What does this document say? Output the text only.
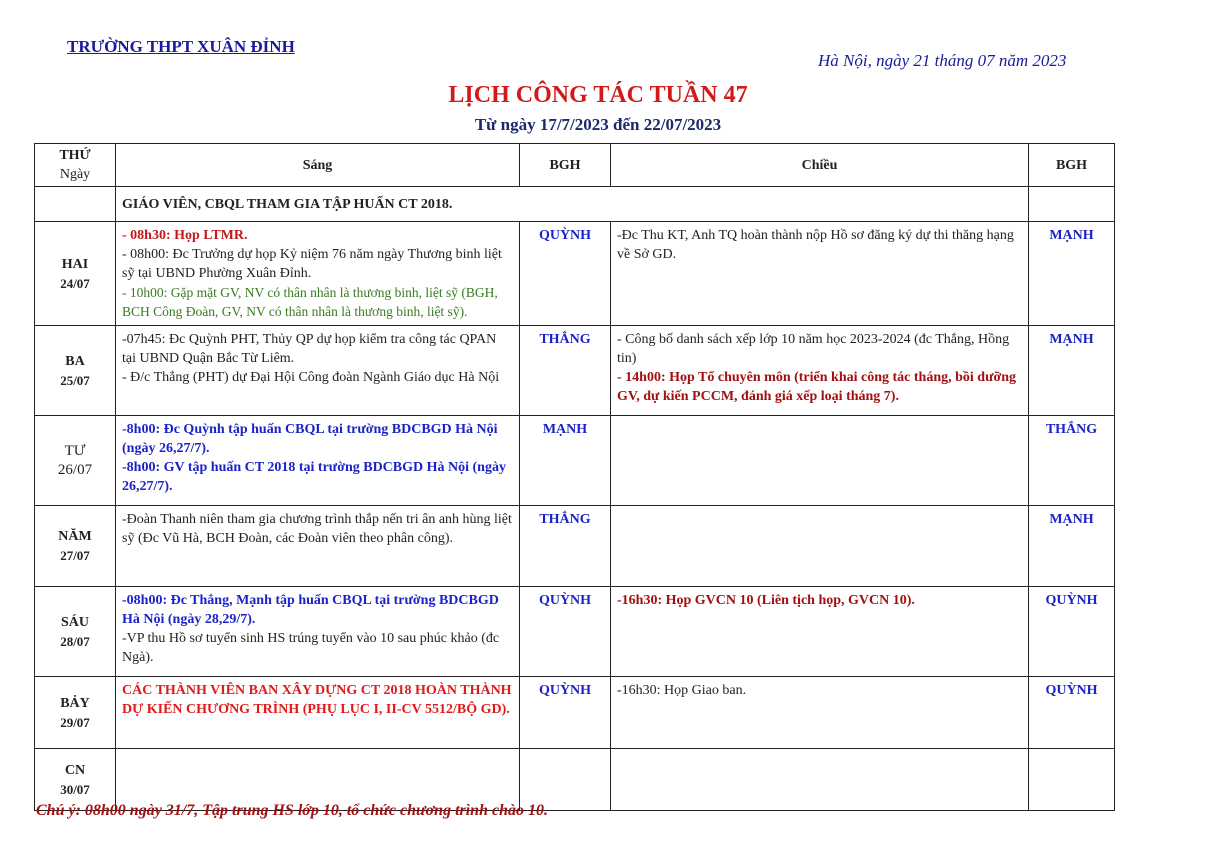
TRƯỜNG THPT XUÂN ĐỈNH
Hà Nội, ngày 21 tháng 07 năm 2023
LỊCH CÔNG TÁC TUẦN 47
Từ ngày 17/7/2023 đến 22/07/2023
THỨ
Ngày	Sáng	BGH	Chiều	BGH
	GIÁO VIÊN, CBQL THAM GIA TẬP HUẤN CT 2018.			

HAI
24/07	- 08h30: Họp LTMR.
- 08h00: Đc Trưởng dự họp Kỷ niệm 76 năm ngày Thương binh liệt sỹ tại UBND Phường Xuân Đỉnh.
- 10h00: Gặp mặt GV, NV có thân nhân là thương binh, liệt sỹ (BGH, BCH Công Đoàn, GV, NV có thân nhân là thương binh, liệt sỹ).	QUỲNH	-Đc Thu KT, Anh TQ hoàn thành nộp Hồ sơ đăng ký dự thi thăng hạng về Sở GD.	MẠNH

BA
25/07	-07h45: Đc Quỳnh PHT, Thủy QP dự họp kiểm tra công tác QPAN tại UBND Quận Bắc Từ Liêm.
- Đ/c Thắng (PHT) dự Đại Hội Công đoàn Ngành Giáo dục Hà Nội	THẮNG	- Công bố danh sách xếp lớp 10 năm học 2023-2024 (đc Thắng, Hồng tin)
- 14h00: Họp Tổ chuyên môn (triển khai công tác tháng, bồi dưỡng GV, dự kiến PCCM, đánh giá xếp loại tháng 7).	MẠNH

TƯ
26/07	-8h00: Đc Quỳnh tập huấn CBQL tại trường BDCBGD Hà Nội (ngày 26,27/7).
-8h00: GV tập huấn CT 2018 tại trường BDCBGD Hà Nội (ngày 26,27/7).	MẠNH		THẮNG

NĂM
27/07	-Đoàn Thanh niên tham gia chương trình thắp nến tri ân anh hùng liệt sỹ (Đc Vũ Hà, BCH Đoàn, các Đoàn viên theo phân công).	THẮNG		MẠNH

SÁU
28/07	-08h00: Đc Thắng, Mạnh tập huấn CBQL tại trường BDCBGD Hà Nội (ngày 28,29/7).
-VP thu Hồ sơ tuyển sinh HS trúng tuyển vào 10 sau phúc khảo (đc Ngà).	QUỲNH	-16h30: Họp GVCN 10 (Liên tịch họp, GVCN 10).	QUỲNH

BẢY
29/07	CÁC THÀNH VIÊN BAN XÂY DỰNG CT 2018 HOÀN THÀNH DỰ KIẾN CHƯƠNG TRÌNH (PHỤ LỤC I, II-CV 5512/BỘ GD).	QUỲNH	-16h30: Họp Giao ban.	QUỲNH

CN
30/07				

Chú ý: 08h00 ngày 31/7, Tập trung HS lớp 10, tổ chức chương trình chào 10.
